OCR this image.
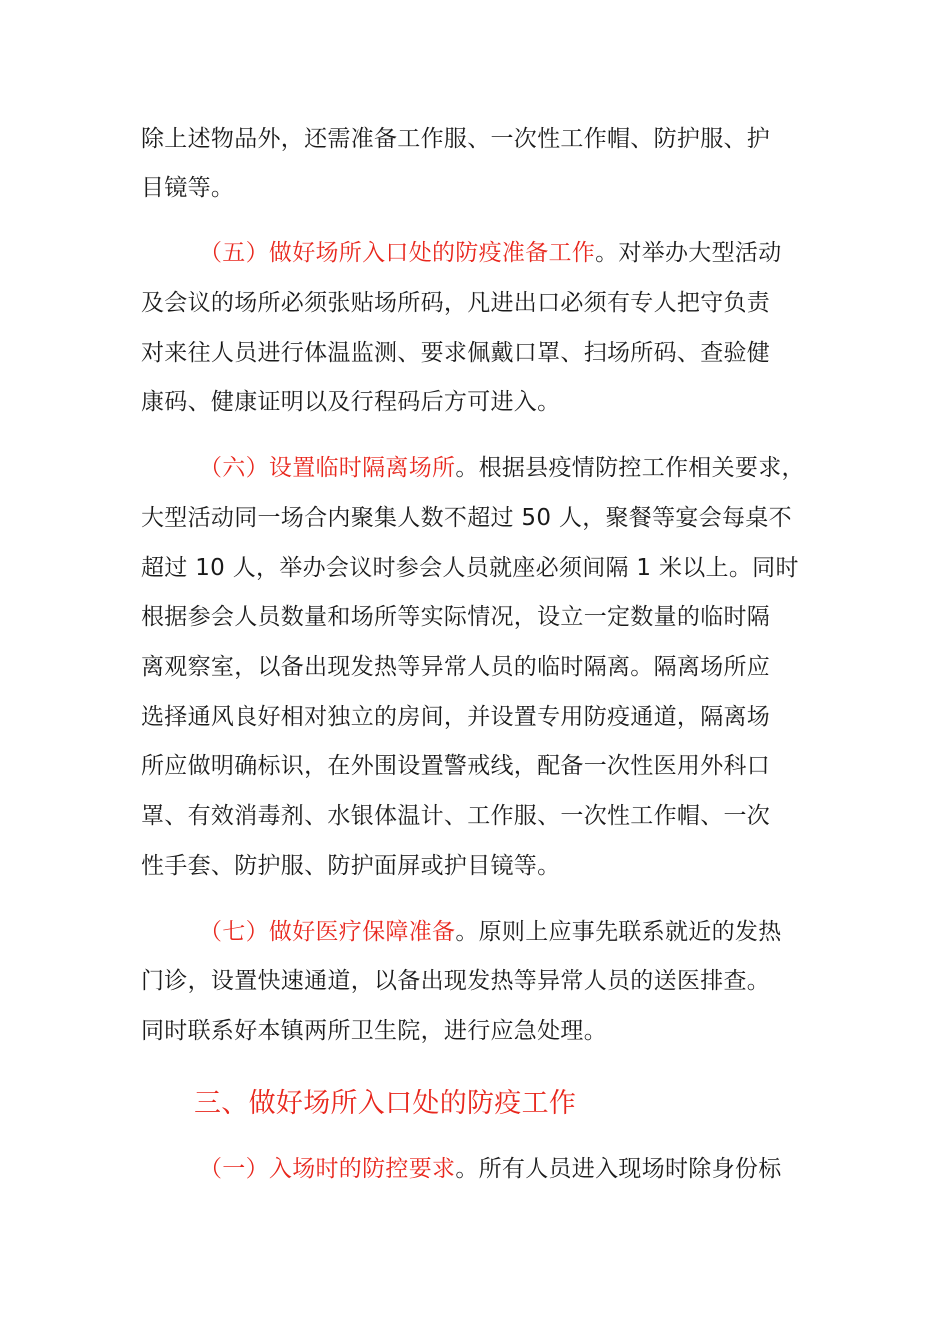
除上述物品外，还需准备工作服、一次性工作帽、防护服、护
目镜等。
（五）做好场所入口处的防疫准备工作。对举办大型活动
及会议的场所必须张贴场所码，凡进出口必须有专人把守负责
对来往人员进行体温监测、要求佩戴口罩、扫场所码、查验健
康码、健康证明以及行程码后方可进入。
（六）设置临时隔离场所。根据县疫情防控工作相关要求，
大型活动同一场合内聚集人数不超过 50 人，聚餐等宴会每桌不
超过 10 人，举办会议时参会人员就座必须间隔 1 米以上。同时
根据参会人员数量和场所等实际情况，设立一定数量的临时隔
离观察室，以备出现发热等异常人员的临时隔离。隔离场所应
选择通风良好相对独立的房间，并设置专用防疫通道，隔离场
所应做明确标识，在外围设置警戒线，配备一次性医用外科口
罩、有效消毒剂、水银体温计、工作服、一次性工作帽、一次
性手套、防护服、防护面屏或护目镜等。
（七）做好医疗保障准备。原则上应事先联系就近的发热
门诊，设置快速通道，以备出现发热等异常人员的送医排查。
同时联系好本镇两所卫生院，进行应急处理。
三、做好场所入口处的防疫工作
（一）入场时的防控要求。所有人员进入现场时除身份标
